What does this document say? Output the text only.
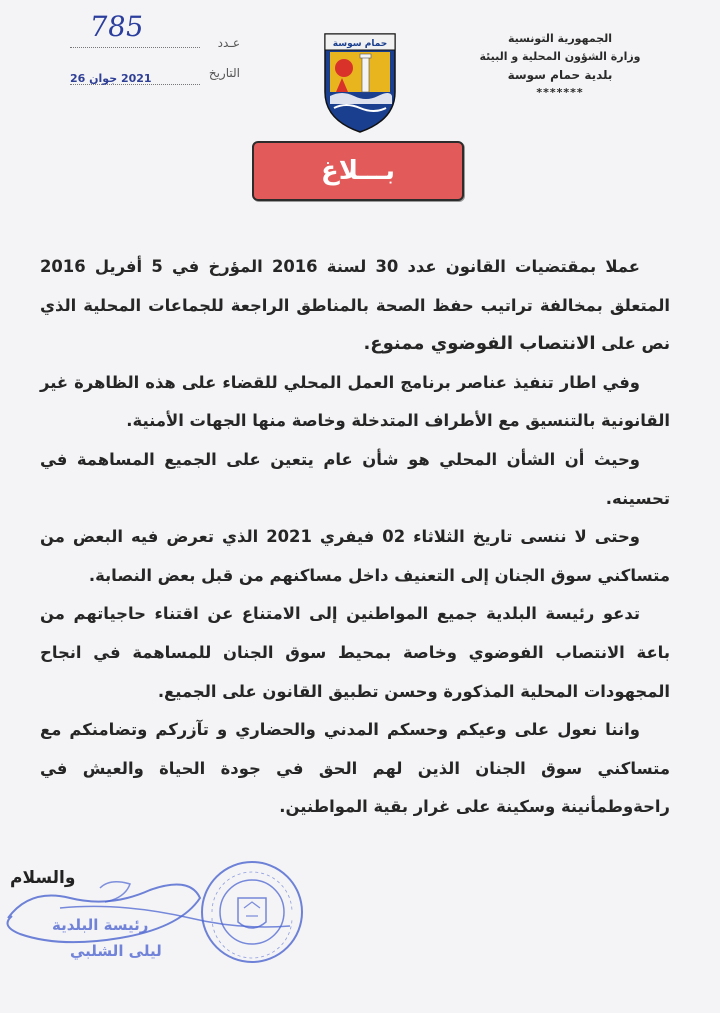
الجمهورية التونسية
وزارة الشؤون المحلية و البيئة
بلدية حمام سوسة
*******
785	عـدد
التاريخ
2021 جوان 26
حمام سوسة
بـــلاغ

عملا بمقتضيات القانون عدد 30 لسنة 2016 المؤرخ في 5 أفريل 2016 المتعلق بمخالفة تراتيب حفظ الصحة بالمناطق الراجعة للجماعات المحلية الذي نص على الانتصاب الفوضوي ممنوع.

وفي اطار تنفيذ عناصر برنامج العمل المحلي للقضاء على هذه الظاهرة غير القانونية بالتنسيق مع الأطراف المتدخلة وخاصة منها الجهات الأمنية.

وحيث أن الشأن المحلي هو شأن عام يتعين على الجميع المساهمة في تحسينه.

وحتى لا ننسى تاريخ الثلاثاء 02 فيفري 2021 الذي تعرض فيه البعض من متساكني سوق الجنان إلى التعنيف داخل مساكنهم من قبل بعض النصابة.

تدعو رئيسة البلدية جميع المواطنين إلى الامتناع عن اقتناء حاجياتهم من باعة الانتصاب الفوضوي وخاصة بمحيط سوق الجنان للمساهمة في انجاح المجهودات المحلية المذكورة وحسن تطبيق القانون على الجميع.

واننا نعول على وعيكم وحسكم المدني والحضاري و تآزركم وتضامنكم مع متساكني سوق الجنان الذين لهم الحق في جودة الحياة والعيش في راحةوطمأنينة وسكينة على غرار بقية المواطنين.

والسلام
رئيسة البلدية
ليلى الشلبي
